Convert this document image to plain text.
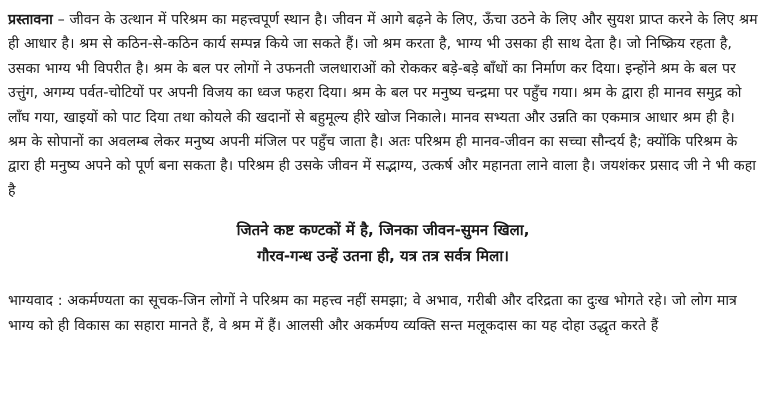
प्रस्तावना – जीवन के उत्थान में परिश्रम का महत्त्वपूर्ण स्थान है। जीवन में आगे बढ़ने के लिए, ऊँचा उठने के लिए और सुयश प्राप्त करने के लिए श्रम ही आधार है। श्रम से कठिन-से-कठिन कार्य सम्पन्न किये जा सकते हैं। जो श्रम करता है, भाग्य भी उसका ही साथ देता है। जो निष्क्रिय रहता है, उसका भाग्य भी विपरीत है। श्रम के बल पर लोगों ने उफनती जलधाराओं को रोककर बड़े-बड़े बाँधों का निर्माण कर दिया। इन्होंने श्रम के बल पर उत्तुंग, अगम्य पर्वत-चोटियों पर अपनी विजय का ध्वज फहरा दिया। श्रम के बल पर मनुष्य चन्द्रमा पर पहुँच गया। श्रम के द्वारा ही मानव समुद्र को लाँघ गया, खाइयों को पाट दिया तथा कोयले की खदानों से बहुमूल्य हीरे खोज निकाले। मानव सभ्यता और उन्नति का एकमात्र आधार श्रम ही है। श्रम के सोपानों का अवलम्ब लेकर मनुष्य अपनी मंजिल पर पहुँच जाता है। अतः परिश्रम ही मानव-जीवन का सच्चा सौन्दर्य है; क्योंकि परिश्रम के द्वारा ही मनुष्य अपने को पूर्ण बना सकता है। परिश्रम ही उसके जीवन में सद्भाग्य, उत्कर्ष और महानता लाने वाला है। जयशंकर प्रसाद जी ने भी कहा है

जितने कष्ट कण्टकों में है, जिनका जीवन-सुमन खिला,
गौरव-गन्ध उन्हें उतना ही, यत्र तत्र सर्वत्र मिला।

भाग्यवाद : अकर्मण्यता का सूचक-जिन लोगों ने परिश्रम का महत्त्व नहीं समझा; वे अभाव, गरीबी और दरिद्रता का दुःख भोगते रहे। जो लोग मात्र भाग्य को ही विकास का सहारा मानते हैं, वे श्रम में हैं। आलसी और अकर्मण्य व्यक्ति सन्त मलूकदास का यह दोहा उद्धृत करते हैं
